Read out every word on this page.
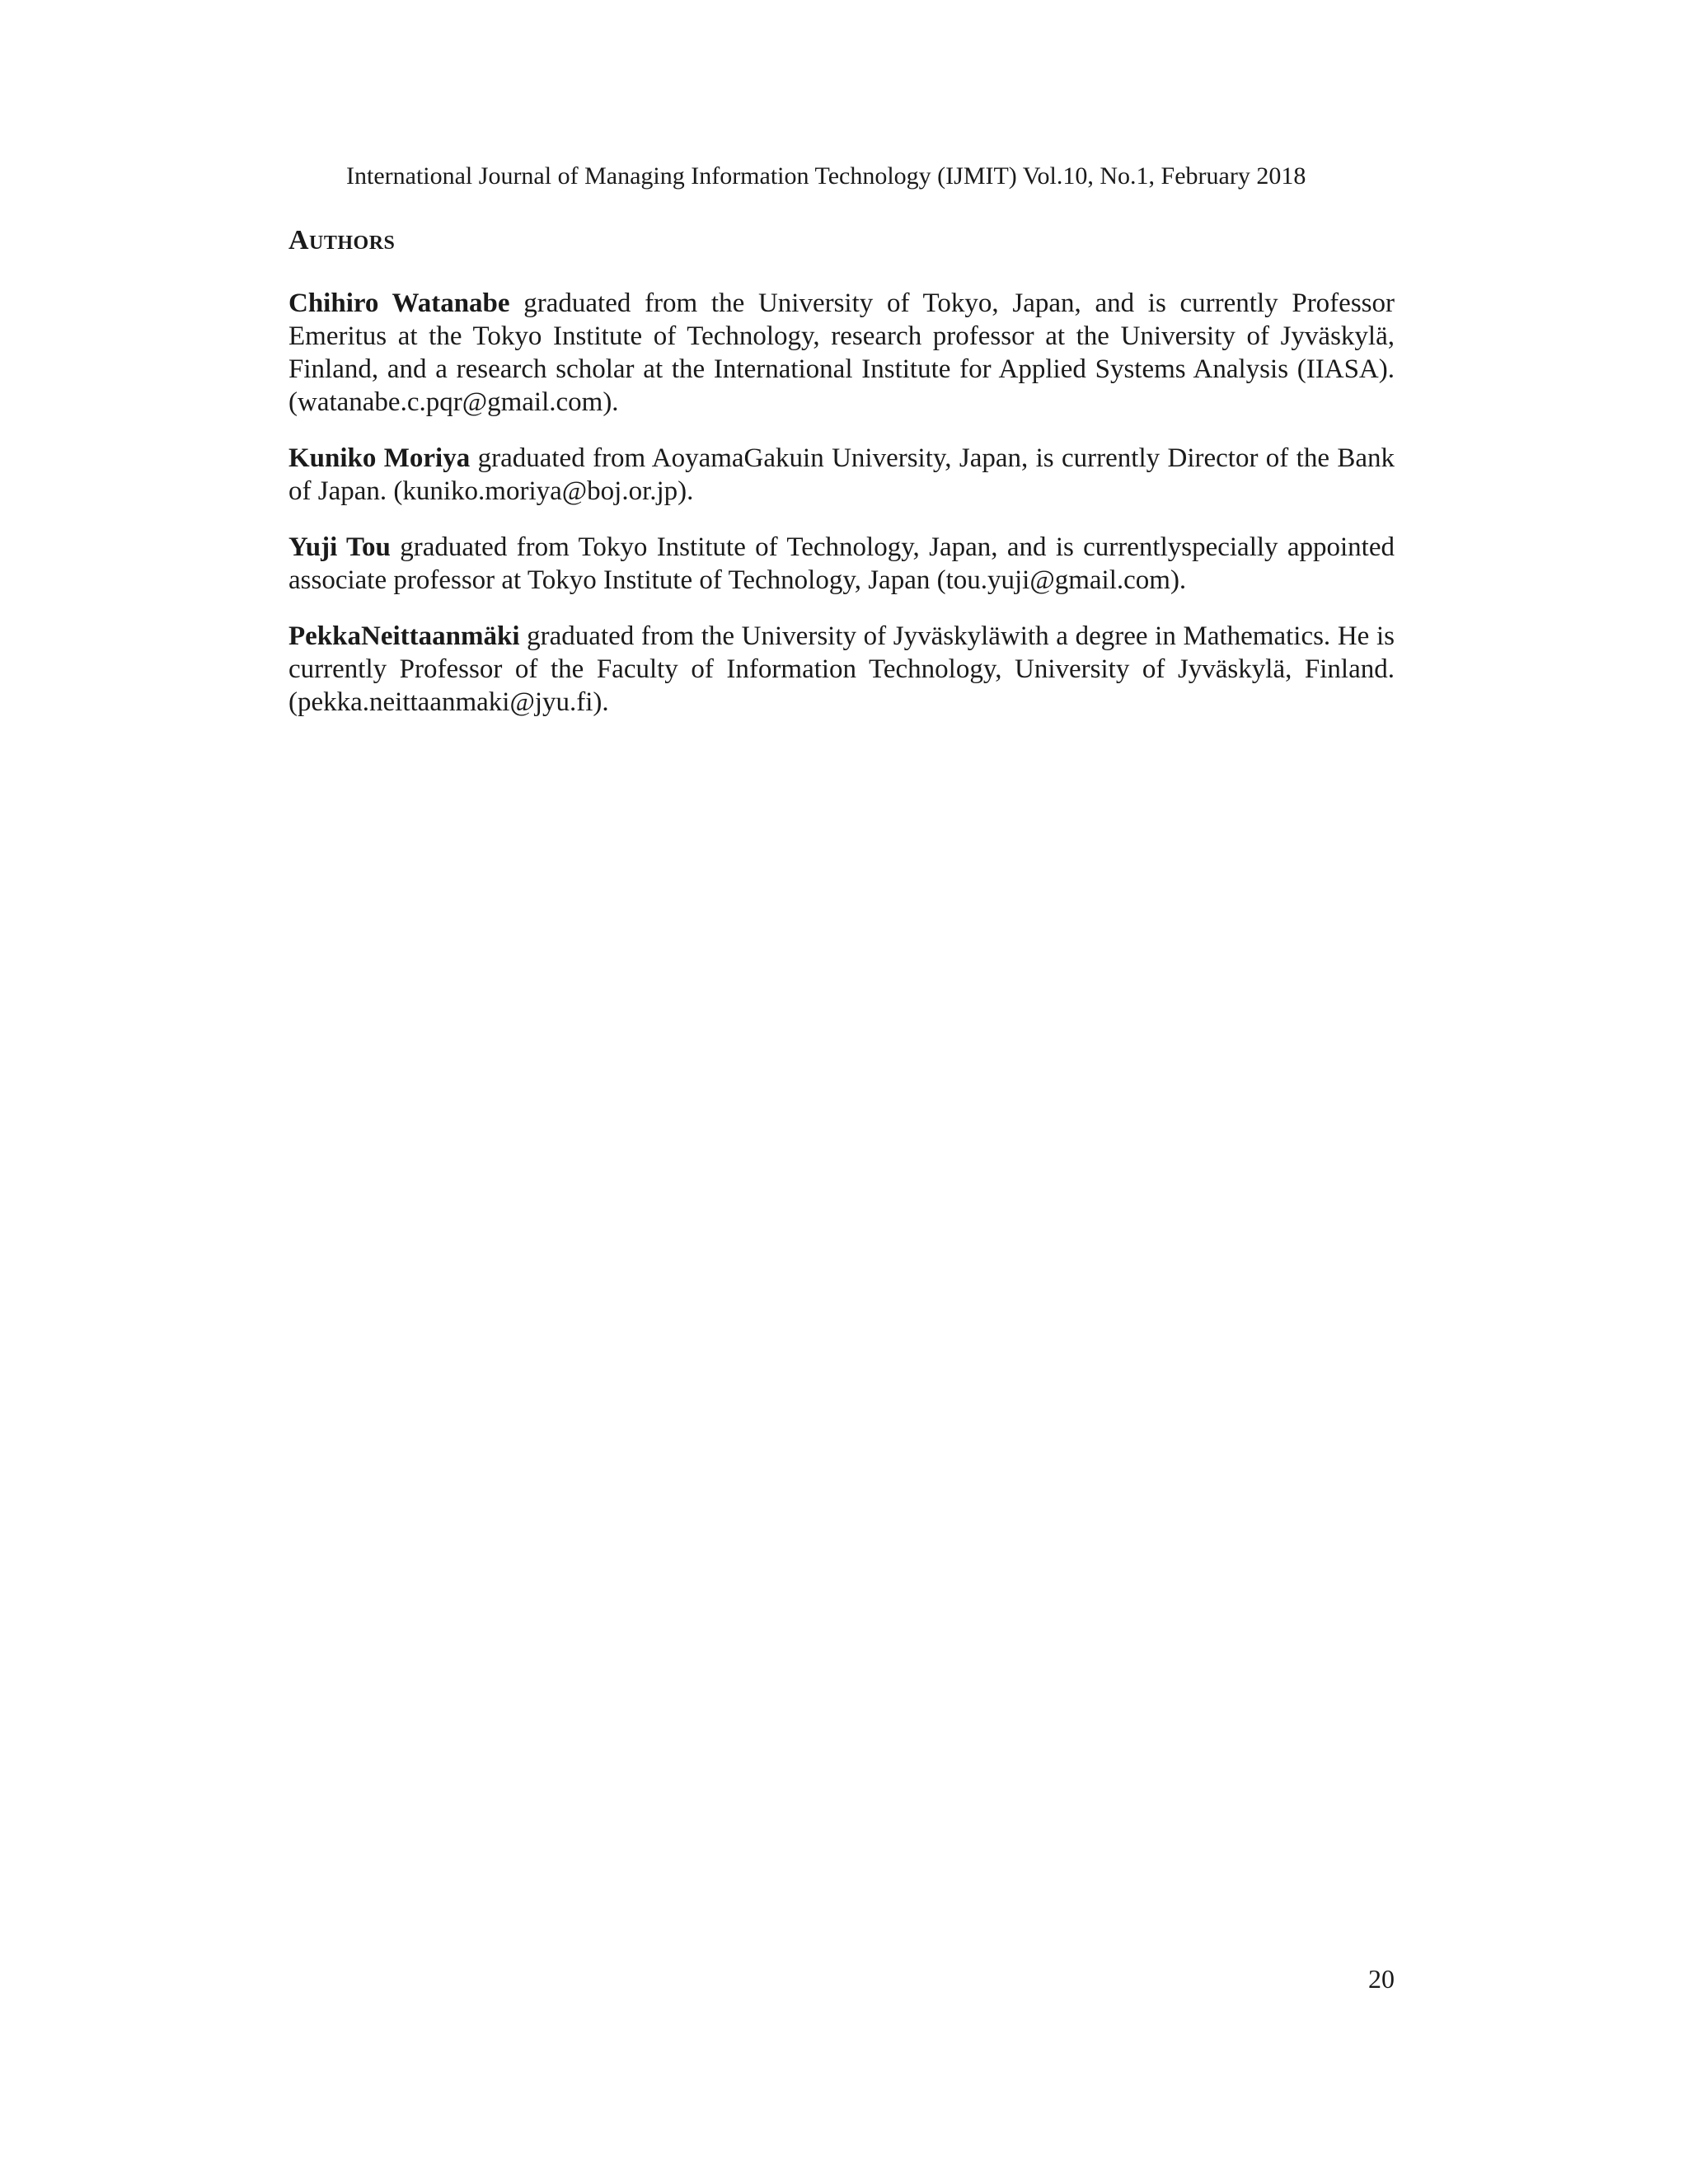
International Journal of Managing Information Technology (IJMIT) Vol.10, No.1, February 2018
Authors

Chihiro Watanabe graduated from the University of Tokyo, Japan, and is currently Professor Emeritus at the Tokyo Institute of Technology, research professor at the University of Jyväskylä, Finland, and a research scholar at the International Institute for Applied Systems Analysis (IIASA). (watanabe.c.pqr@gmail.com).

Kuniko Moriya graduated from AoyamaGakuin University, Japan, is currently Director of the Bank of Japan. (kuniko.moriya@boj.or.jp).

Yuji Tou graduated from Tokyo Institute of Technology, Japan, and is currentlyspecially appointed associate professor at Tokyo Institute of Technology, Japan (tou.yuji@gmail.com).

PekkaNeittaanmäki graduated from the University of Jyväskyläwith a degree in Mathematics. He is currently Professor of the Faculty of Information Technology, University of Jyväskylä, Finland. (pekka.neittaanmaki@jyu.fi).

20
